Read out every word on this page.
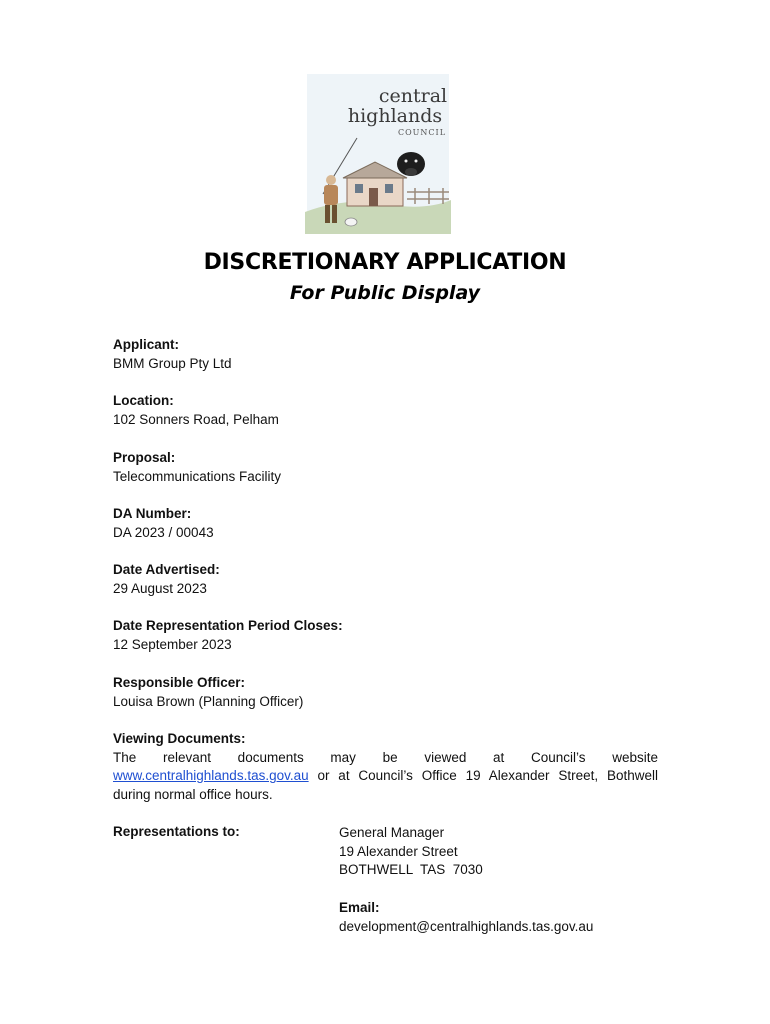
central
highlands
COUNCIL
DISCRETIONARY APPLICATION
For Public Display
Applicant:
BMM Group Pty Ltd
Location:
102 Sonners Road, Pelham
Proposal:
Telecommunications Facility
DA Number:
DA 2023 / 00043
Date Advertised:
29 August 2023
Date Representation Period Closes:
12 September 2023
Responsible Officer:
Louisa Brown (Planning Officer)
Viewing Documents:
The relevant documents may be viewed at Council’s website www.centralhighlands.tas.gov.au or at Council’s Office 19 Alexander Street, Bothwell during normal office hours.
Representations to:	General Manager
19 Alexander Street
BOTHWELL  TAS  7030
Email:
development@centralhighlands.tas.gov.au
